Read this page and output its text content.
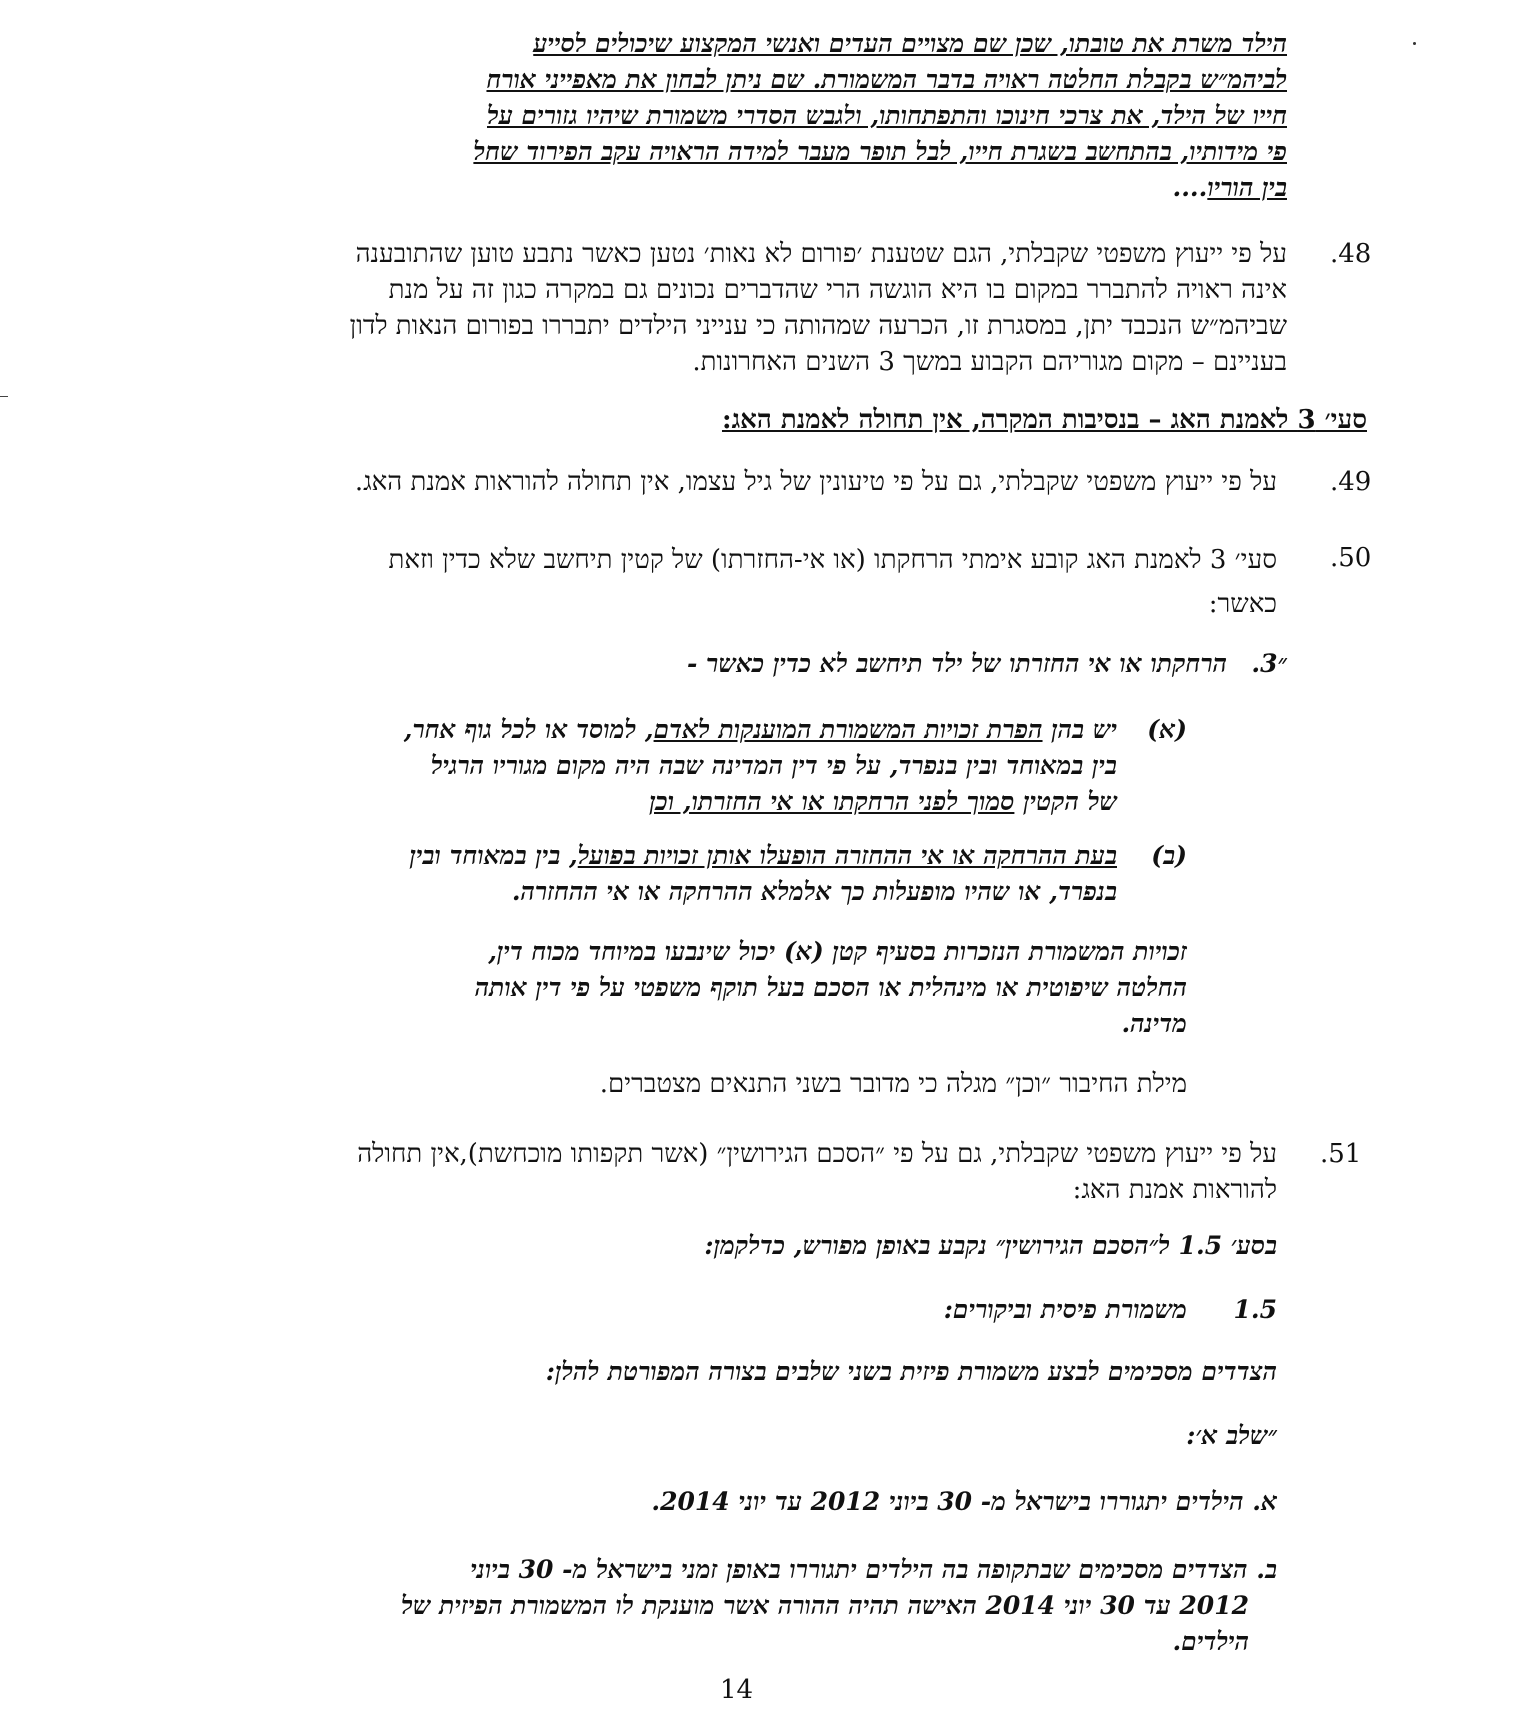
הילד משרת את טובתו, שכן שם מצויים העדים ואנשי המקצוע שיכולים לסייע
לביהמ״ש בקבלת החלטה ראויה בדבר המשמורת. שם ניתן לבחון את מאפייני אורח
חייו של הילד, את צרכי חינוכו והתפתחותו, ולגבש הסדרי משמורת שיהיו גזורים על
פי מידותיו, בהתחשב בשגרת חייו, לבל תופר מעבר למידה הראויה עקב הפירוד שחל
בין הוריו....
.48
על פי ייעוץ משפטי שקבלתי, הגם שטענת ׳פורום לא נאות׳ נטען כאשר נתבע טוען שהתובענה
אינה ראויה להתברר במקום בו היא הוגשה הרי שהדברים נכונים גם במקרה כגון זה על מנת
שביהמ״ש הנכבד יתן, במסגרת זו, הכרעה שמהותה כי ענייני הילדים יתבררו בפורום הנאות לדון
בעניינם – מקום מגוריהם הקבוע במשך 3 השנים האחרונות.
סעי׳ 3 לאמנת האג – בנסיבות המקרה, אין תחולה לאמנת האג:
.49
על פי ייעוץ משפטי שקבלתי, גם על פי טיעונין של גיל עצמו, אין תחולה להוראות אמנת האג.
.50
סעי׳ 3 לאמנת האג קובע אימתי הרחקתו (או אי-החזרתו) של קטין תיחשב שלא כדין וזאת
כאשר:
״3.
הרחקתו או אי החזרתו של ילד תיחשב לא כדין כאשר -
(א)
יש בהן הפרת זכויות המשמורת המוענקות לאדם, למוסד או לכל גוף אחר,
בין במאוחד ובין בנפרד, על פי דין המדינה שבה היה מקום מגוריו הרגיל
של הקטין סמוך לפני הרחקתו או אי החזרתו, וכן
(ב)
בעת ההרחקה או אי ההחזרה הופעלו אותן זכויות בפועל, בין במאוחד ובין
בנפרד, או שהיו מופעלות כך אלמלא ההרחקה או אי ההחזרה.
זכויות המשמורת הנזכרות בסעיף קטן (א) יכול שינבעו במיוחד מכוח דין,
החלטה שיפוטית או מינהלית או הסכם בעל תוקף משפטי על פי דין אותה
מדינה.
מילת החיבור ״וכן״ מגלה כי מדובר בשני התנאים מצטברים.
.51
על פי ייעוץ משפטי שקבלתי, גם על פי ״הסכם הגירושין״ (אשר תקפותו מוכחשת),אין תחולה
להוראות אמנת האג:
בסע׳ 1.5 ל״הסכם הגירושין״ נקבע באופן מפורש, כדלקמן:
1.5
משמורת פיסית וביקורים:
הצדדים מסכימים לבצע משמורת פיזית בשני שלבים בצורה המפורטת להלן:
״שלב א׳:
א. הילדים יתגוררו בישראל מ- 30 ביוני 2012 עד יוני 2014.
ב. הצדדים מסכימים שבתקופה בה הילדים יתגוררו באופן זמני בישראל מ- 30 ביוני
2012 עד 30 יוני 2014 האישה תהיה ההורה אשר מוענקת לו המשמורת הפיזית של
הילדים.
14
